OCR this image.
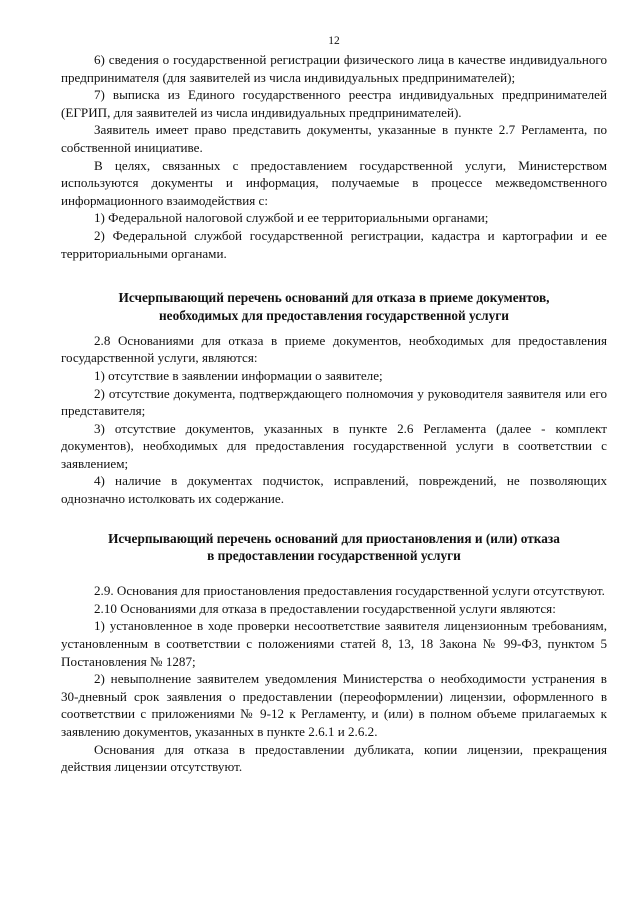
12

6) сведения о государственной регистрации физического лица в качестве индивидуального предпринимателя (для заявителей из числа индивидуальных предпринимателей);

7) выписка из Единого государственного реестра индивидуальных предпринимателей (ЕГРИП, для заявителей из числа индивидуальных предпринимателей).

Заявитель имеет право представить документы, указанные в пункте 2.7 Регламента, по собственной инициативе.

В целях, связанных с предоставлением государственной услуги, Министерством используются документы и информация, получаемые в процессе межведомственного информационного взаимодействия с:

1) Федеральной налоговой службой и ее территориальными органами;

2) Федеральной службой государственной регистрации, кадастра и картографии и ее территориальными органами.

Исчерпывающий перечень оснований для отказа в приеме документов,

необходимых для предоставления государственной услуги

2.8 Основаниями для отказа в приеме документов, необходимых для предоставления государственной услуги, являются:

1) отсутствие в заявлении информации о заявителе;

2) отсутствие документа, подтверждающего полномочия у руководителя заявителя или его представителя;

3) отсутствие документов, указанных в пункте 2.6 Регламента (далее - комплект документов), необходимых для предоставления государственной услуги в соответствии с заявлением;

4) наличие в документах подчисток, исправлений, повреждений, не позволяющих однозначно истолковать их содержание.

Исчерпывающий перечень оснований для приостановления и (или) отказа

в предоставлении государственной услуги

2.9. Основания для приостановления предоставления государственной услуги отсутствуют.

2.10 Основаниями для отказа в предоставлении государственной услуги являются:

1) установленное в ходе проверки несоответствие заявителя лицензионным требованиям, установленным в соответствии с положениями статей 8, 13, 18 Закона № 99-ФЗ, пунктом 5 Постановления № 1287;

2) невыполнение заявителем уведомления Министерства о необходимости устранения в 30-дневный срок заявления о предоставлении (переоформлении) лицензии, оформленного в соответствии с приложениями № 9-12 к Регламенту, и (или) в полном объеме прилагаемых к заявлению документов, указанных в пункте 2.6.1 и 2.6.2.

Основания для отказа в предоставлении дубликата, копии лицензии, прекращения действия лицензии отсутствуют.
